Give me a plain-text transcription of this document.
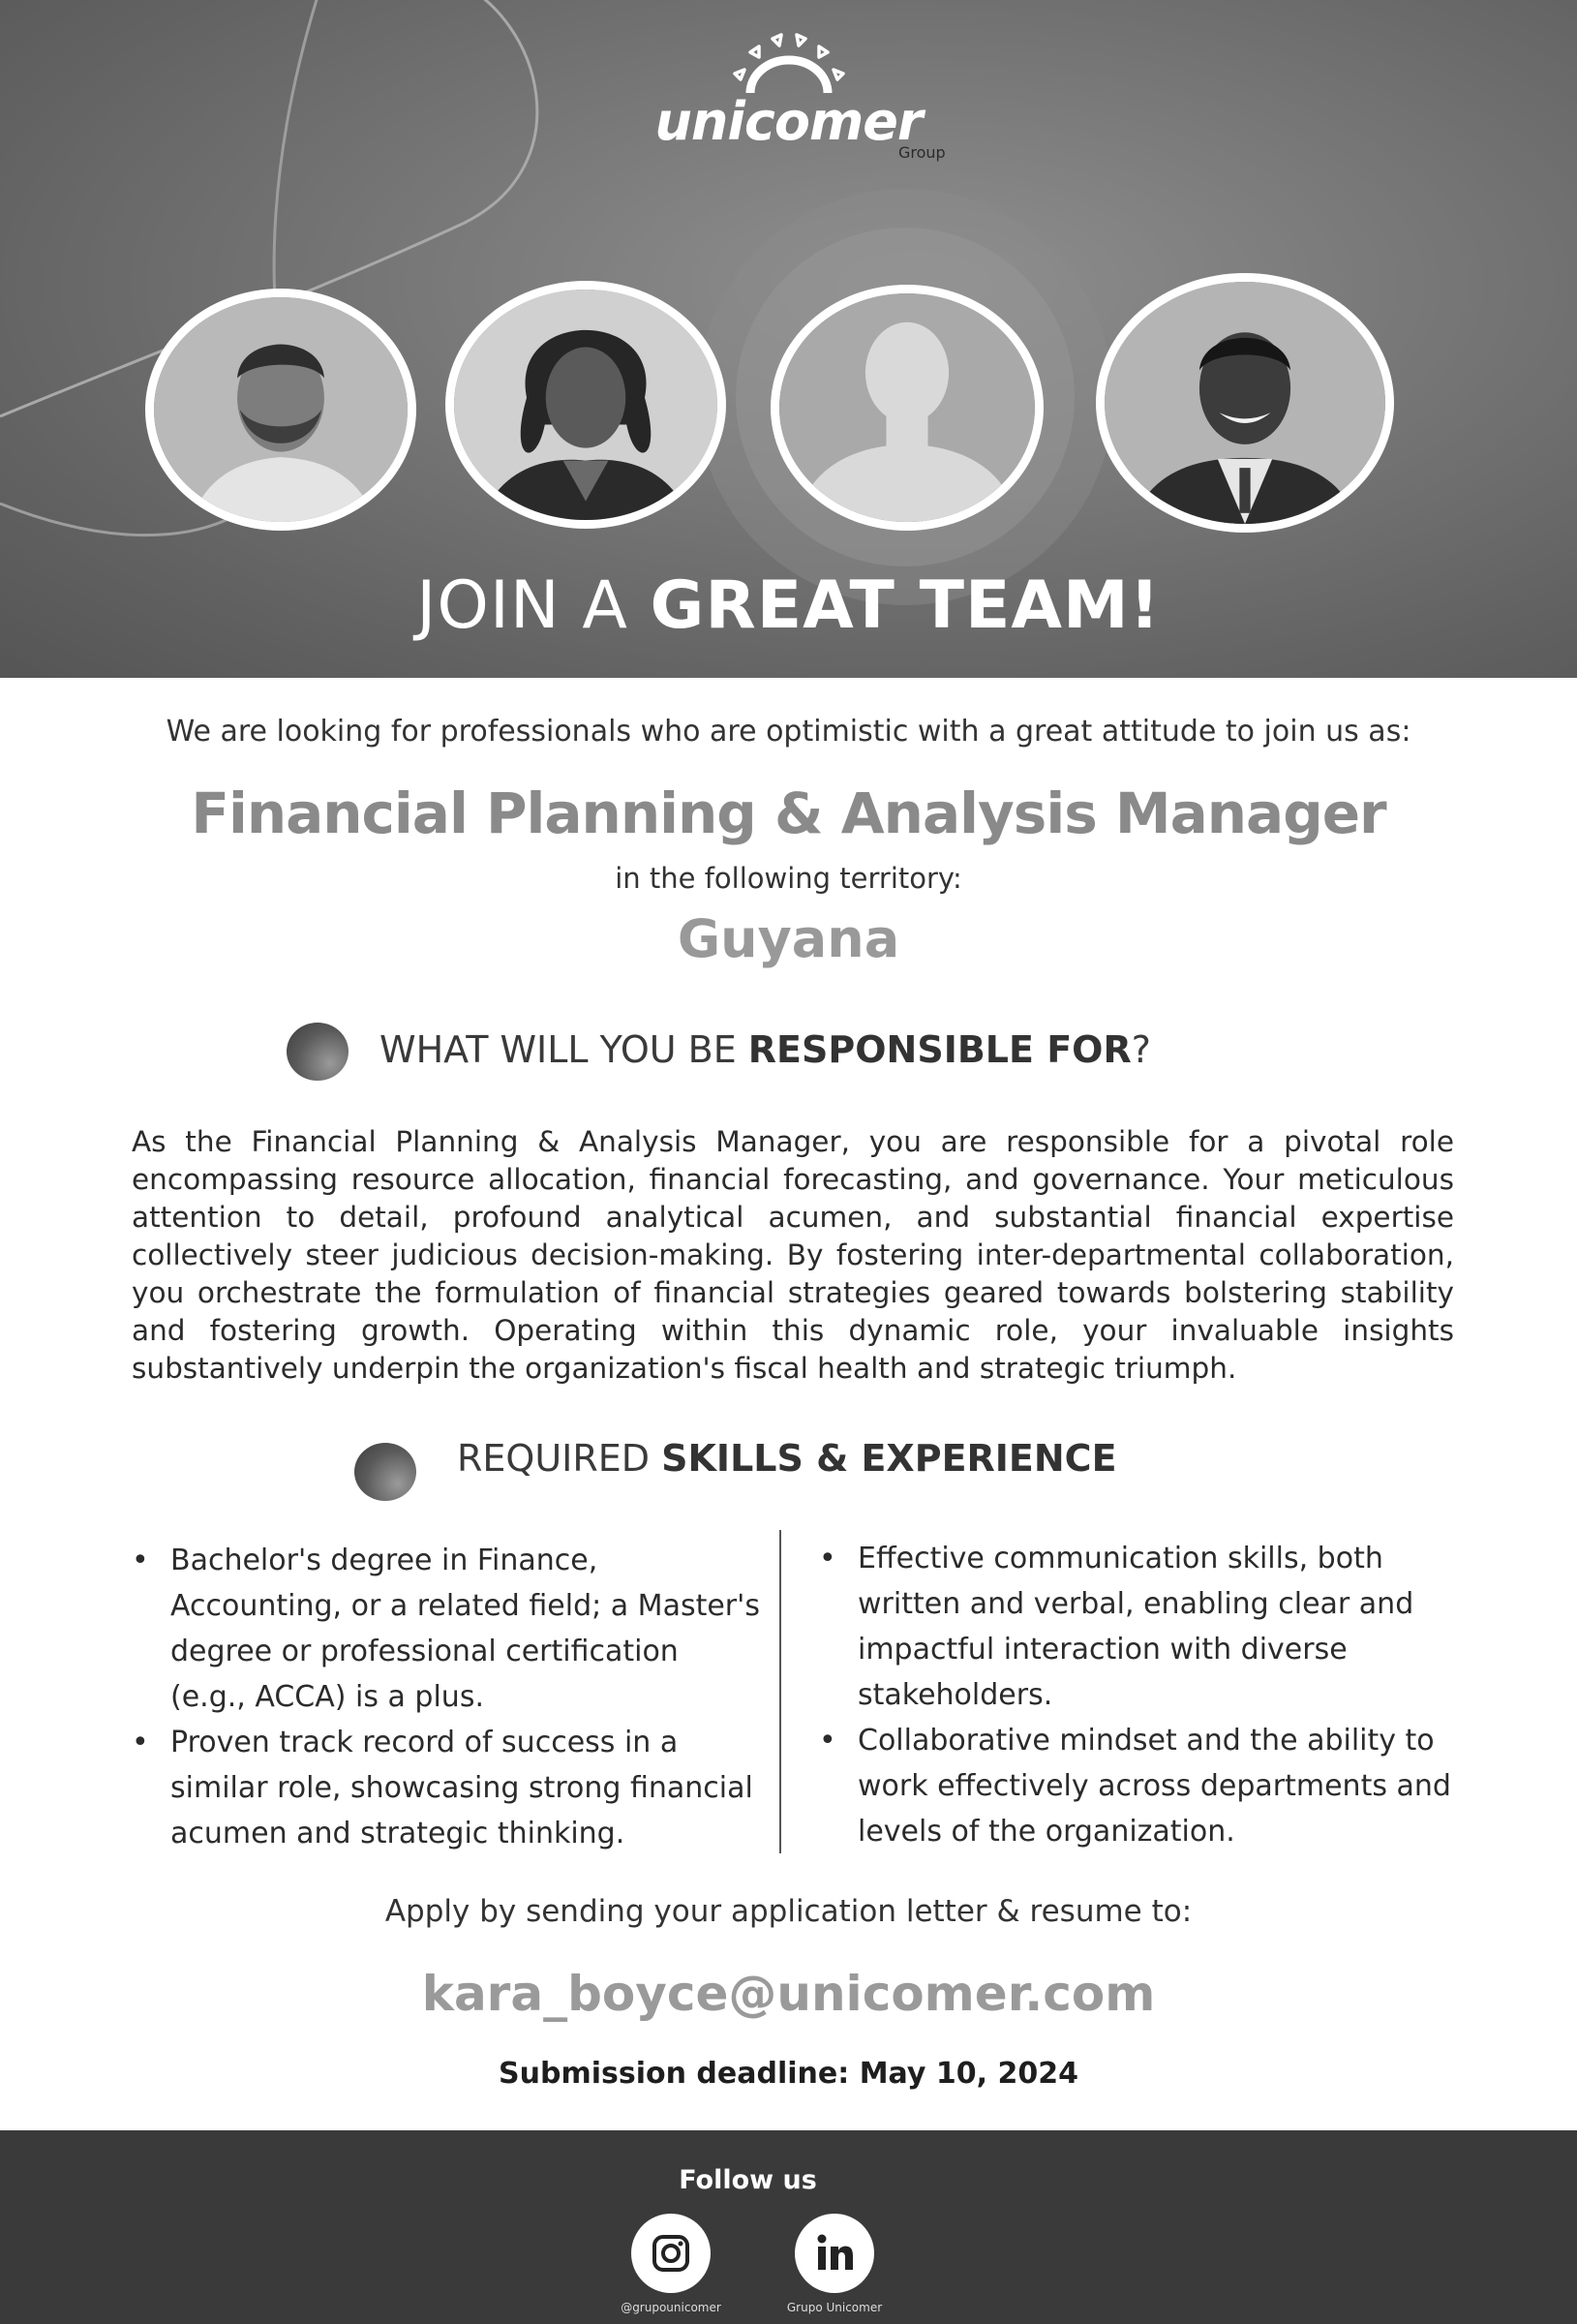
unicomer
Group
JOIN A GREAT TEAM!
We are looking for professionals who are optimistic with a great attitude to join us as:
Financial Planning & Analysis Manager
in the following territory:
Guyana
WHAT WILL YOU BE RESPONSIBLE FOR?
As the Financial Planning & Analysis Manager, you are responsible for a pivotal role encompassing resource allocation, financial forecasting, and governance. Your meticulous attention to detail, profound analytical acumen, and substantial financial expertise collectively steer judicious decision-making. By fostering inter-departmental collaboration, you orchestrate the formulation of financial strategies geared towards bolstering stability and fostering growth. Operating within this dynamic role, your invaluable insights substantively underpin the organization's fiscal health and strategic triumph.
REQUIRED SKILLS & EXPERIENCE
• Bachelor's degree in Finance, Accounting, or a related field; a Master's degree or professional certification (e.g., ACCA) is a plus.
• Proven track record of success in a similar role, showcasing strong financial acumen and strategic thinking.
• Effective communication skills, both written and verbal, enabling clear and impactful interaction with diverse stakeholders.
• Collaborative mindset and the ability to work effectively across departments and levels of the organization.
Apply by sending your application letter & resume to:
kara_boyce@unicomer.com
Submission deadline: May 10, 2024
Follow us
@grupounicomer	Grupo Unicomer
